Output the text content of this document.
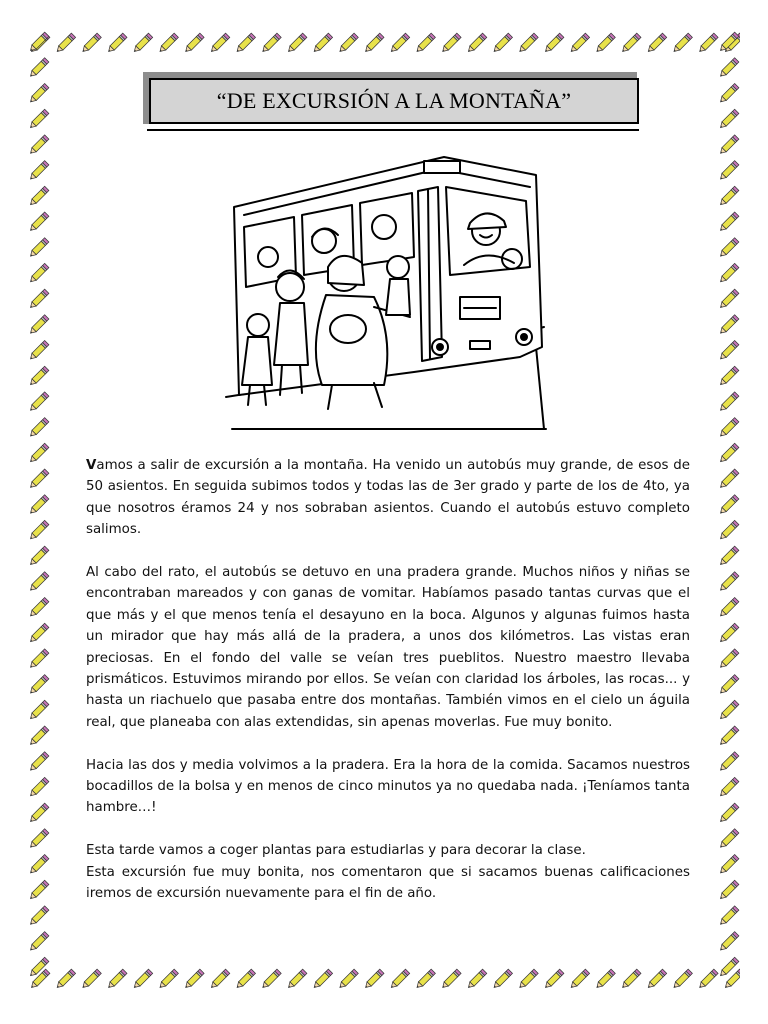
“DE EXCURSIÓN A LA MONTAÑA”

Vamos a salir de excursión a la montaña. Ha venido un autobús muy grande, de esos de 50 asientos. En seguida subimos todos y todas las de 3er grado y parte de los de 4to, ya que nosotros éramos 24 y nos sobraban asientos. Cuando el autobús estuvo completo salimos.

Al cabo del rato, el autobús se detuvo en una pradera grande. Muchos niños y niñas se encontraban mareados y con ganas de vomitar. Habíamos pasado tantas curvas que el que más y el que menos tenía el desayuno en la boca. Algunos y algunas fuimos hasta un mirador que hay más allá de la pradera, a unos dos kilómetros. Las vistas eran preciosas. En el fondo del valle se veían tres pueblitos. Nuestro maestro llevaba prismáticos. Estuvimos mirando por ellos. Se veían con claridad los árboles, las rocas... y hasta un riachuelo que pasaba entre dos montañas. También vimos en el cielo un águila real, que planeaba con alas extendidas, sin apenas moverlas. Fue muy bonito.

Hacia las dos y media volvimos a la pradera. Era la hora de la comida. Sacamos nuestros bocadillos de la bolsa y en menos de cinco minutos ya no quedaba nada. ¡Teníamos tanta hambre…!

Esta tarde vamos a coger plantas para estudiarlas y para decorar la clase.
Esta excursión fue muy bonita, nos comentaron que si sacamos buenas calificaciones iremos de excursión nuevamente para el fin de año.
